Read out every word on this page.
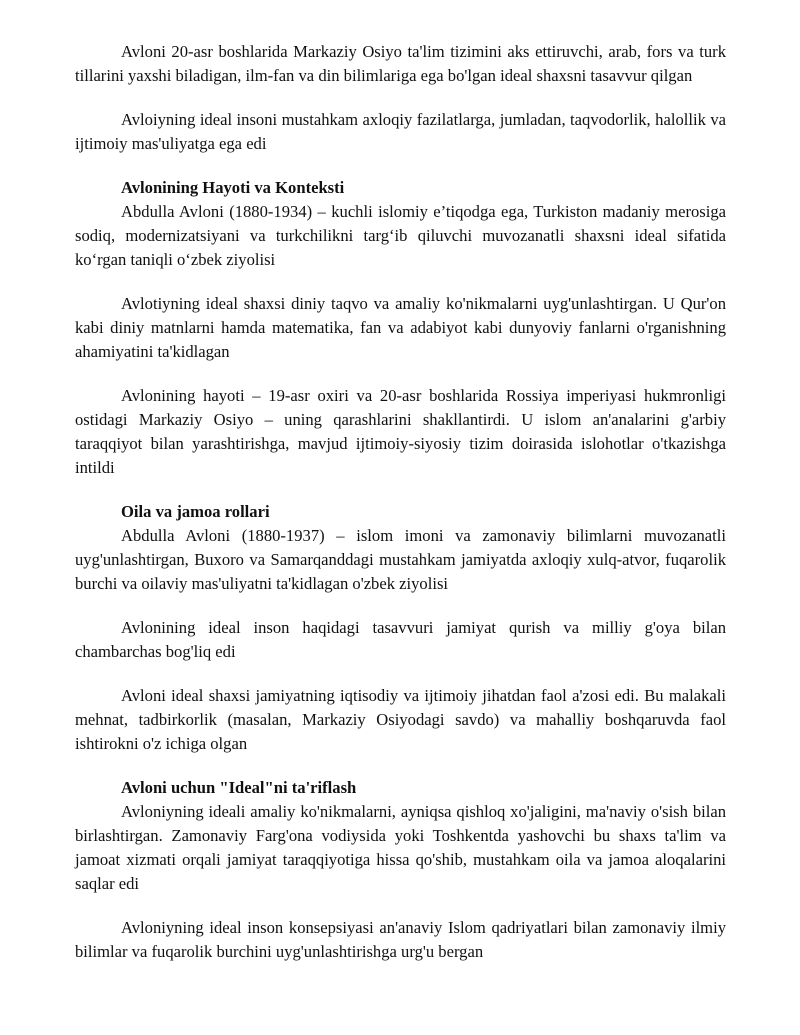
Avloni 20-asr boshlarida Markaziy Osiyo ta'lim tizimini aks ettiruvchi, arab, fors va turk tillarini yaxshi biladigan, ilm-fan va din bilimlariga ega bo'lgan ideal shaxsni tasavvur qilgan

Avloiyning ideal insoni mustahkam axloqiy fazilatlarga, jumladan, taqvodorlik, halollik va ijtimoiy mas'uliyatga ega edi

Avlonining Hayoti va Konteksti

Abdulla Avloni (1880-1934) – kuchli islomiy e’tiqodga ega, Turkiston madaniy merosiga sodiq, modernizatsiyani va turkchilikni targ‘ib qiluvchi muvozanatli shaxsni ideal sifatida ko‘rgan taniqli o‘zbek ziyolisi

Avlotiyning ideal shaxsi diniy taqvo va amaliy ko'nikmalarni uyg'unlashtirgan. U Qur'on kabi diniy matnlarni hamda matematika, fan va adabiyot kabi dunyoviy fanlarni o'rganishning ahamiyatini ta'kidlagan

Avlonining hayoti – 19-asr oxiri va 20-asr boshlarida Rossiya imperiyasi hukmronligi ostidagi Markaziy Osiyo – uning qarashlarini shakllantirdi. U islom an'analarini g'arbiy taraqqiyot bilan yarashtirishga, mavjud ijtimoiy-siyosiy tizim doirasida islohotlar o'tkazishga intildi

Oila va jamoa rollari

Abdulla Avloni (1880-1937) – islom imoni va zamonaviy bilimlarni muvozanatli uyg'unlashtirgan, Buxoro va Samarqanddagi mustahkam jamiyatda axloqiy xulq-atvor, fuqarolik burchi va oilaviy mas'uliyatni ta'kidlagan o'zbek ziyolisi

Avlonining ideal inson haqidagi tasavvuri jamiyat qurish va milliy g'oya bilan chambarchas bog'liq edi

Avloni ideal shaxsi jamiyatning iqtisodiy va ijtimoiy jihatdan faol a'zosi edi. Bu malakali mehnat, tadbirkorlik (masalan, Markaziy Osiyodagi savdo) va mahalliy boshqaruvda faol ishtirokni o'z ichiga olgan

Avloni uchun "Ideal"ni ta'riflash

Avloniyning ideali amaliy ko'nikmalarni, ayniqsa qishloq xo'jaligini, ma'naviy o'sish bilan birlashtirgan. Zamonaviy Farg'ona vodiysida yoki Toshkentda yashovchi bu shaxs ta'lim va jamoat xizmati orqali jamiyat taraqqiyotiga hissa qo'shib, mustahkam oila va jamoa aloqalarini saqlar edi

Avloniyning ideal inson konsepsiyasi an'anaviy Islom qadriyatlari bilan zamonaviy ilmiy bilimlar va fuqarolik burchini uyg'unlashtirishga urg'u bergan
